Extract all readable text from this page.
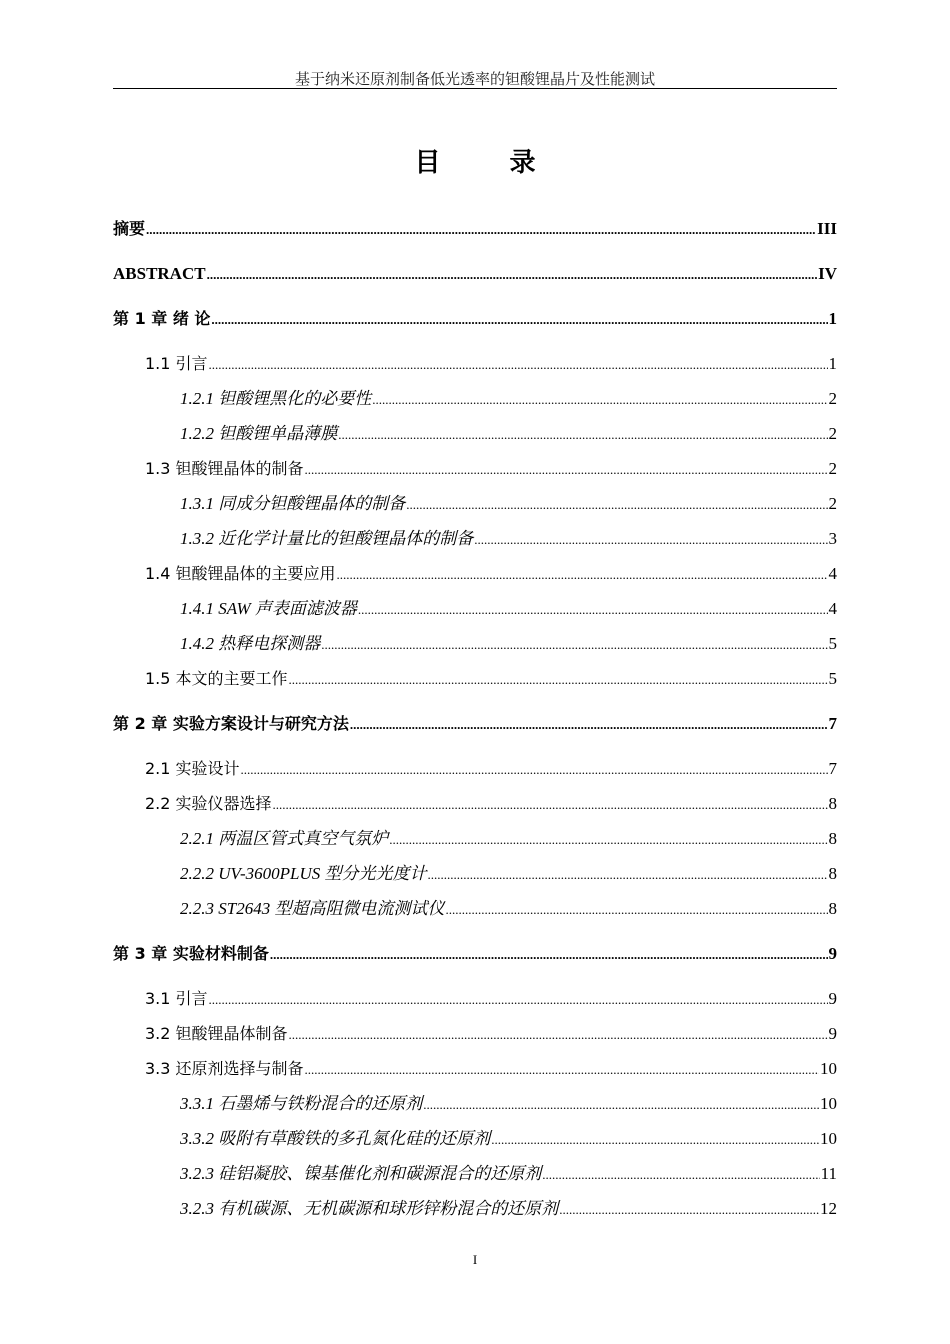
基于纳米还原剂制备低光透率的钽酸锂晶片及性能测试
目 录
摘要 .....	III
ABSTRACT .....	IV
第 1 章 绪 论 .....	1
1.1 引言 .....	1
1.2.1 钽酸锂黑化的必要性 .....	2
1.2.2 钽酸锂单晶薄膜 .....	2
1.3 钽酸锂晶体的制备 .....	2
1.3.1 同成分钽酸锂晶体的制备 .....	2
1.3.2 近化学计量比的钽酸锂晶体的制备 .....	3
1.4 钽酸锂晶体的主要应用 .....	4
1.4.1 SAW 声表面滤波器 .....	4
1.4.2 热释电探测器 .....	5
1.5 本文的主要工作 .....	5
第 2 章 实验方案设计与研究方法 .....	7
2.1 实验设计 .....	7
2.2 实验仪器选择 .....	8
2.2.1 两温区管式真空气氛炉 .....	8
2.2.2 UV-3600PLUS 型分光光度计 .....	8
2.2.3 ST2643 型超高阻微电流测试仪 .....	8
第 3 章 实验材料制备 .....	9
3.1 引言 .....	9
3.2 钽酸锂晶体制备 .....	9
3.3 还原剂选择与制备 .....	10
3.3.1 石墨烯与铁粉混合的还原剂 .....	10
3.3.2 吸附有草酸铁的多孔氮化硅的还原剂 .....	10
3.2.3 硅铝凝胶、镍基催化剂和碳源混合的还原剂 .....	11
3.2.3 有机碳源、无机碳源和球形锌粉混合的还原剂 .....	12
I
